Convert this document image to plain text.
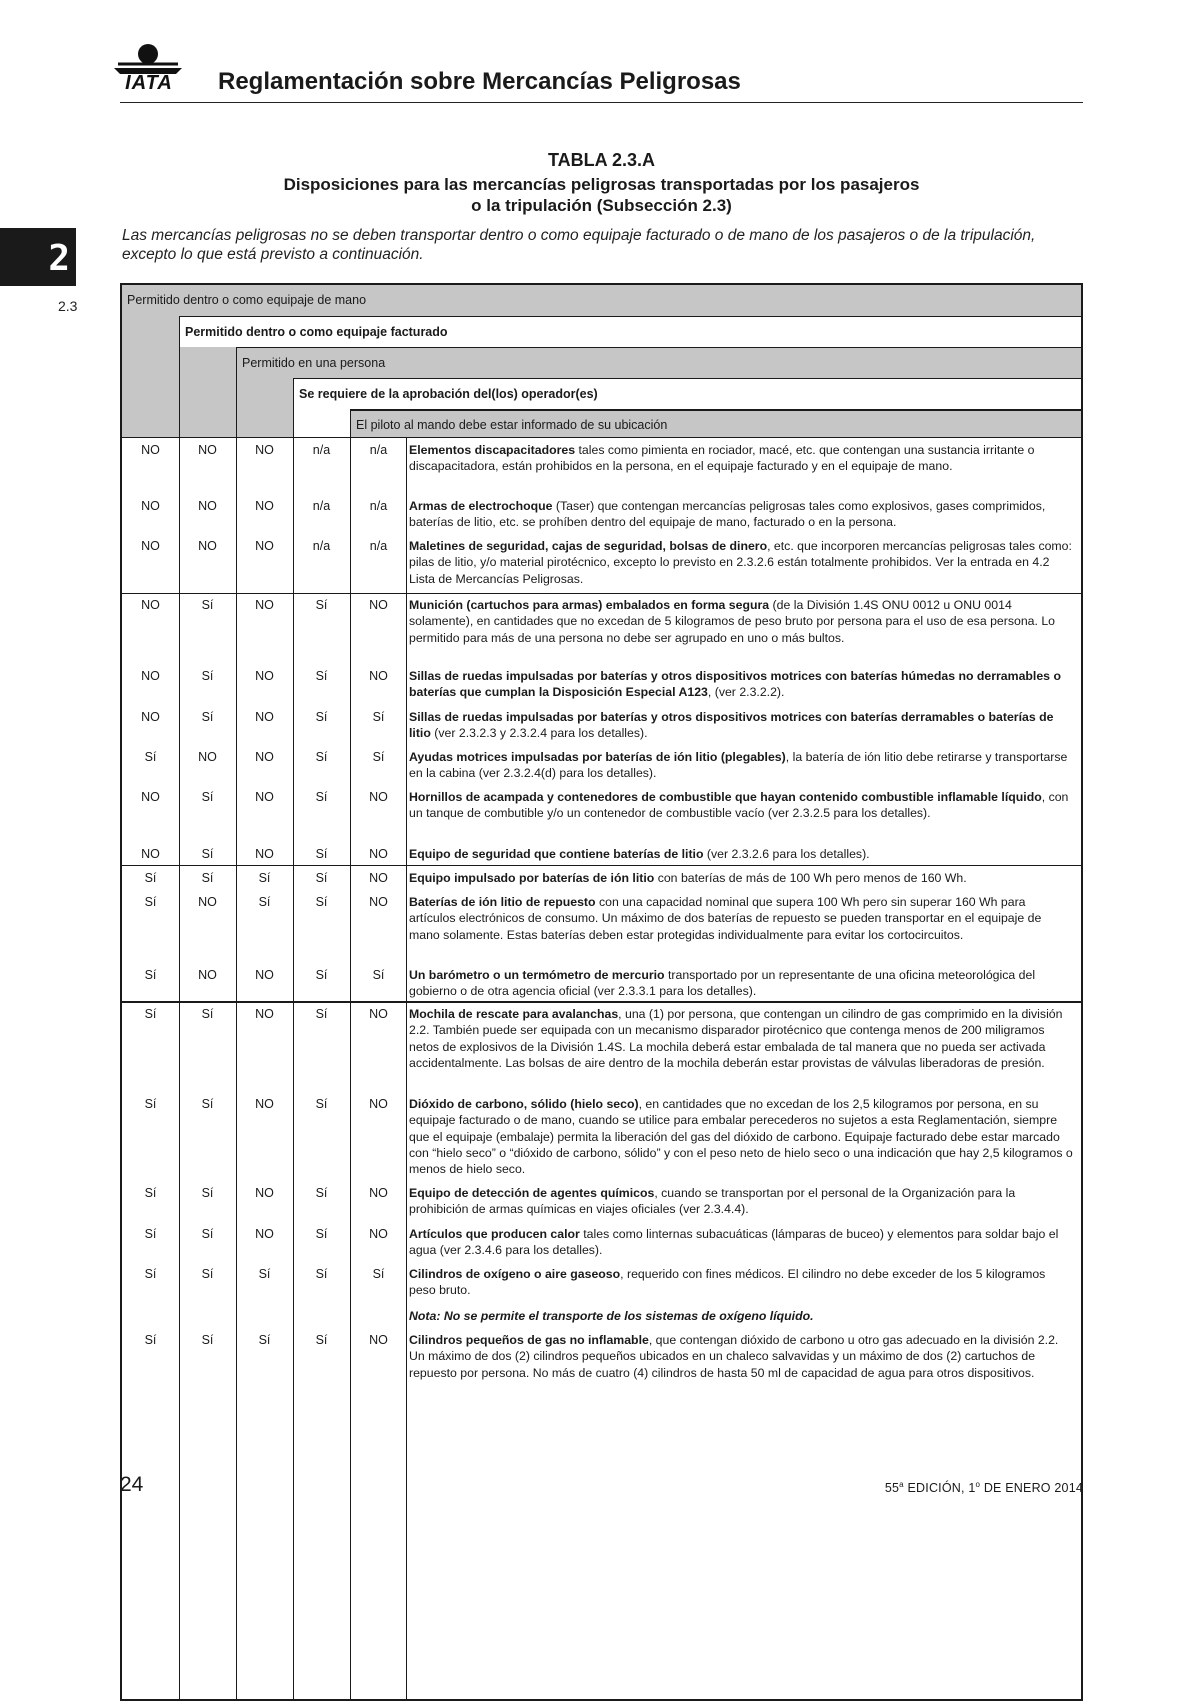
IATA	Reglamentación sobre Mercancías Peligrosas
2
2.3
TABLA 2.3.A
Disposiciones para las mercancías peligrosas transportadas por los pasajeros
o la tripulación (Subsección 2.3)
Las mercancías peligrosas no se deben transportar dentro o como equipaje facturado o de mano de los pasajeros o de la tripulación, excepto lo que está previsto a continuación.
Permitido dentro o como equipaje de mano
Permitido dentro o como equipaje facturado
Permitido en una persona
Se requiere de la aprobación del(los) operador(es)
El piloto al mando debe estar informado de su ubicación
NO	NO	NO	n/a	n/a	Elementos discapacitadores tales como pimienta en rociador, macé, etc. que contengan una sustancia irritante o discapacitadora, están prohibidos en la persona, en el equipaje facturado y en el equipaje de mano.
NO	NO	NO	n/a	n/a	Armas de electrochoque (Taser) que contengan mercancías peligrosas tales como explosivos, gases comprimidos, baterías de litio, etc. se prohíben dentro del equipaje de mano, facturado o en la persona.
NO	NO	NO	n/a	n/a	Maletines de seguridad, cajas de seguridad, bolsas de dinero, etc. que incorporen mercancías peligrosas tales como: pilas de litio, y/o material pirotécnico, excepto lo previsto en 2.3.2.6 están totalmente prohibidos. Ver la entrada en 4.2 Lista de Mercancías Peligrosas.
NO	Sí	NO	Sí	NO	Munición (cartuchos para armas) embalados en forma segura (de la División 1.4S ONU 0012 u ONU 0014 solamente), en cantidades que no excedan de 5 kilogramos de peso bruto por persona para el uso de esa persona. Lo permitido para más de una persona no debe ser agrupado en uno o más bultos.
NO	Sí	NO	Sí	NO	Sillas de ruedas impulsadas por baterías y otros dispositivos motrices con baterías húmedas no derramables o baterías que cumplan la Disposición Especial A123, (ver 2.3.2.2).
NO	Sí	NO	Sí	Sí	Sillas de ruedas impulsadas por baterías y otros dispositivos motrices con baterías derramables o baterías de litio (ver 2.3.2.3 y 2.3.2.4 para los detalles).
Sí	NO	NO	Sí	Sí	Ayudas motrices impulsadas por baterías de ión litio (plegables), la batería de ión litio debe retirarse y transportarse en la cabina (ver 2.3.2.4(d) para los detalles).
NO	Sí	NO	Sí	NO	Hornillos de acampada y contenedores de combustible que hayan contenido combustible inflamable líquido, con un tanque de combutible y/o un contenedor de combustible vacío (ver 2.3.2.5 para los detalles).
NO	Sí	NO	Sí	NO	Equipo de seguridad que contiene baterías de litio (ver 2.3.2.6 para los detalles).
Sí	Sí	Sí	Sí	NO	Equipo impulsado por baterías de ión litio con baterías de más de 100 Wh pero menos de 160 Wh.
Sí	NO	Sí	Sí	NO	Baterías de ión litio de repuesto con una capacidad nominal que supera 100 Wh pero sin superar 160 Wh para artículos electrónicos de consumo. Un máximo de dos baterías de repuesto se pueden transportar en el equipaje de mano solamente. Estas baterías deben estar protegidas individualmente para evitar los cortocircuitos.
Sí	NO	NO	Sí	Sí	Un barómetro o un termómetro de mercurio transportado por un representante de una oficina meteorológica del gobierno o de otra agencia oficial (ver 2.3.3.1 para los detalles).
Sí	Sí	NO	Sí	NO	Mochila de rescate para avalanchas, una (1) por persona, que contengan un cilindro de gas comprimido en la división 2.2. También puede ser equipada con un mecanismo disparador pirotécnico que contenga menos de 200 miligramos netos de explosivos de la División 1.4S. La mochila deberá estar embalada de tal manera que no pueda ser activada accidentalmente. Las bolsas de aire dentro de la mochila deberán estar provistas de válvulas liberadoras de presión.
Sí	Sí	NO	Sí	NO	Dióxido de carbono, sólido (hielo seco), en cantidades que no excedan de los 2,5 kilogramos por persona, en su equipaje facturado o de mano, cuando se utilice para embalar perecederos no sujetos a esta Reglamentación, siempre que el equipaje (embalaje) permita la liberación del gas del dióxido de carbono. Equipaje facturado debe estar marcado con “hielo seco” o “dióxido de carbono, sólido” y con el peso neto de hielo seco o una indicación que hay 2,5 kilogramos o menos de hielo seco.
Sí	Sí	NO	Sí	NO	Equipo de detección de agentes químicos, cuando se transportan por el personal de la Organización para la prohibición de armas químicas en viajes oficiales (ver 2.3.4.4).
Sí	Sí	NO	Sí	NO	Artículos que producen calor tales como linternas subacuáticas (lámparas de buceo) y elementos para soldar bajo el agua (ver 2.3.4.6 para los detalles).
Sí	Sí	Sí	Sí	Sí	Cilindros de oxígeno o aire gaseoso, requerido con fines médicos. El cilindro no debe exceder de los 5 kilogramos peso bruto.
Sí	Sí	Sí	Sí	NO	Cilindros pequeños de gas no inflamable, que contengan dióxido de carbono u otro gas adecuado en la división 2.2. Un máximo de dos (2) cilindros pequeños ubicados en un chaleco salvavidas y un máximo de dos (2) cartuchos de repuesto por persona. No más de cuatro (4) cilindros de hasta 50 ml de capacidad de agua para otros dispositivos.
Nota: No se permite el transporte de los sistemas de oxígeno líquido.
24	55$^a$ EDICIÓN, 1$^o$ DE ENERO 2014
